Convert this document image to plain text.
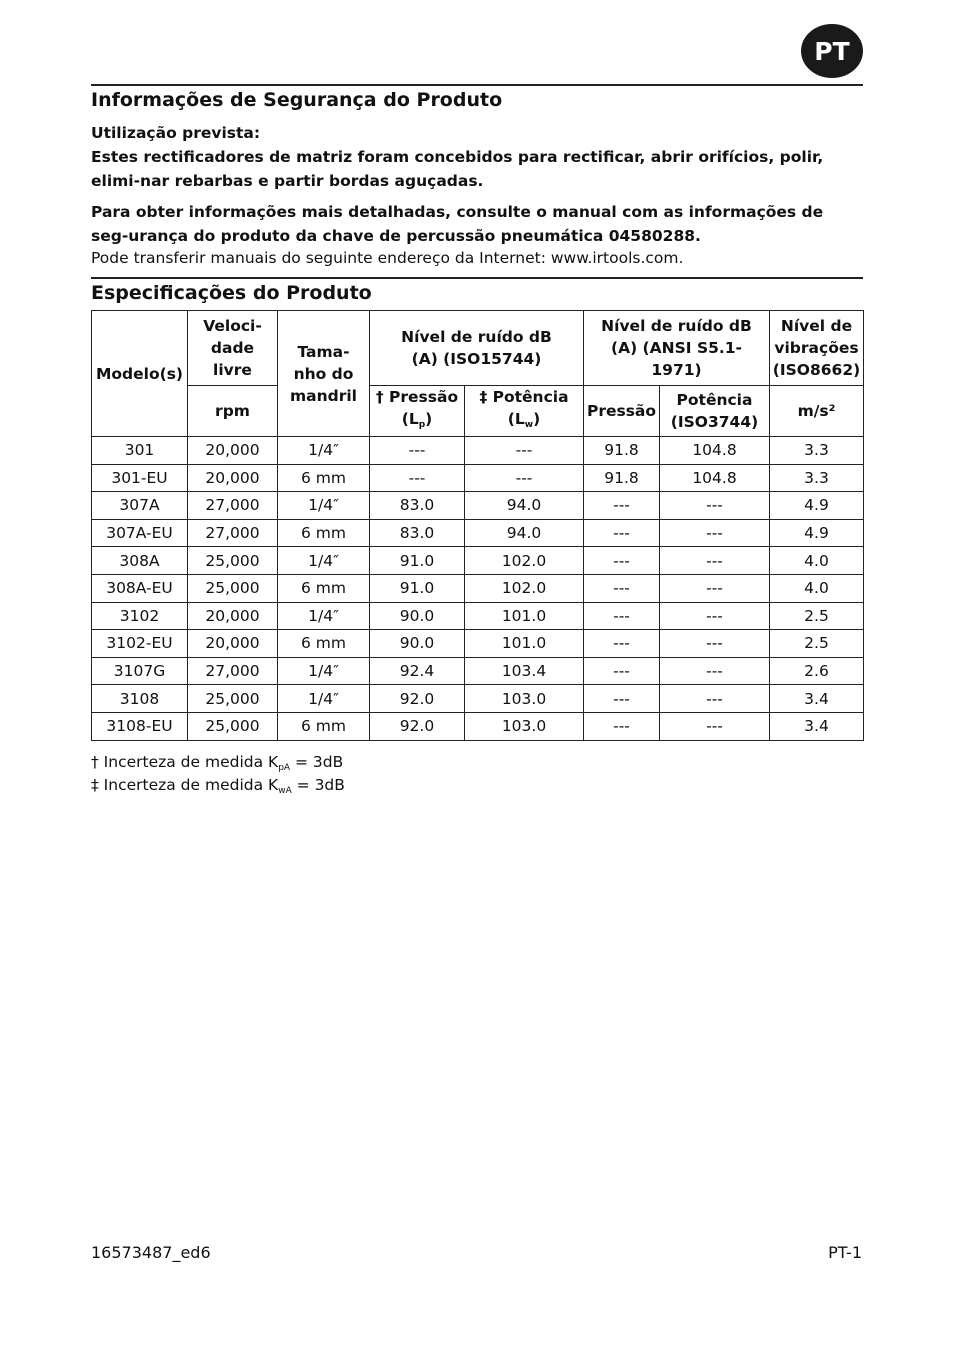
PT
Informações de Segurança do Produto
Utilização prevista:
Estes rectificadores de matriz foram concebidos para rectificar, abrir orifícios, polir, elimi-nar rebarbas e partir bordas aguçadas.
Para obter informações mais detalhadas, consulte o manual com as informações de seg-urança do produto da chave de percussão pneumática 04580288.
Pode transferir manuais do seguinte endereço da Internet: www.irtools.com.
Especificações do Produto
Modelo(s)	Veloci-dade livre	Tama-nho do mandril	Nível de ruído dB (A) (ISO15744)		Nível de ruído dB (A) (ANSI S5.1-1971)		Nível de vibrações (ISO8662)

	rpm		† Pressão $(L_p)$	‡ Potência $(L_w)$	Pressão	Potência (ISO3744)	m/s²
301	20,000	1/4″	---	---	91.8	104.8	3.3
301-EU	20,000	6 mm	---	---	91.8	104.8	3.3
307A	27,000	1/4″	83.0	94.0	---	---	4.9
307A-EU	27,000	6 mm	83.0	94.0	---	---	4.9
308A	25,000	1/4″	91.0	102.0	---	---	4.0
308A-EU	25,000	6 mm	91.0	102.0	---	---	4.0
3102	20,000	1/4″	90.0	101.0	---	---	2.5
3102-EU	20,000	6 mm	90.0	101.0	---	---	2.5
3107G	27,000	1/4″	92.4	103.4	---	---	2.6
3108	25,000	1/4″	92.0	103.0	---	---	3.4
3108-EU	25,000	6 mm	92.0	103.0	---	---	3.4
† Incerteza de medida $K_{pA} = 3dB$
‡ Incerteza de medida $K_{wA} = 3dB$
16573487_ed6	PT-1
